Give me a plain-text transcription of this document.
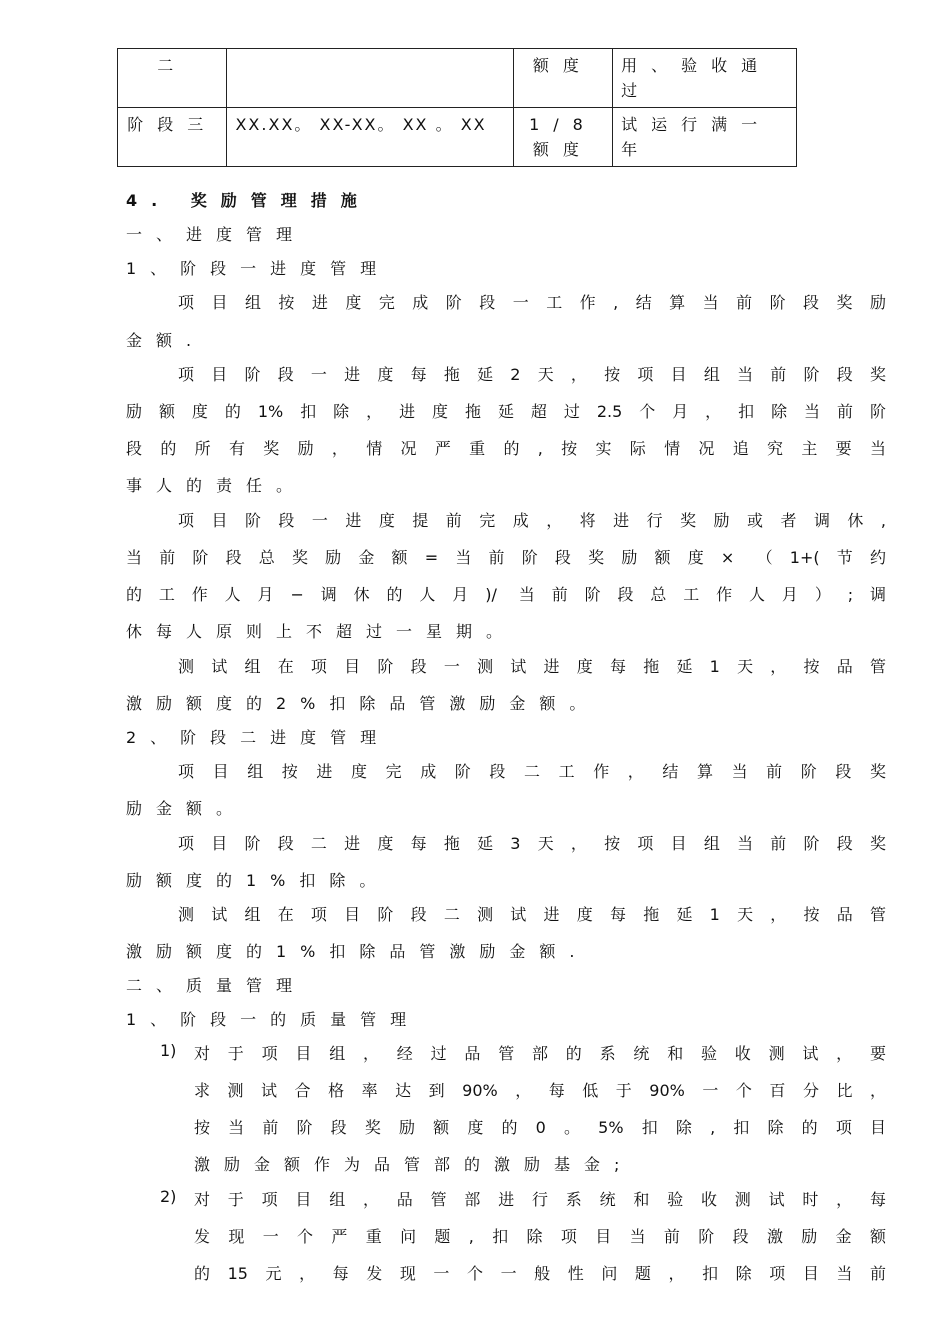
二		额度	用、验收通过
阶段三	XX.XX。 XX-XX。 XX 。 XX	1/8额度	试运行满一年
4. 奖励管理措施
一、进度管理
1、阶段一进度管理
项目组按进度完成阶段一工作,结算当前阶段奖励
金额.
项目阶段一进度每拖延2天，按项目组当前阶段奖
励额度的1%扣除，进度拖延超过2.5个月，扣除当前阶
段的所有奖励，情况严重的,按实际情况追究主要当
事人的责任。
项目阶段一进度提前完成，将进行奖励或者调休,
当前阶段总奖励金额=当前阶段奖励额度× （1+(节约
的工作人月−调休的人月)/ 当前阶段总工作人月）;调
休每人原则上不超过一星期。
测试组在项目阶段一测试进度每拖延1天，按品管
激励额度的2%扣除品管激励金额。
2、阶段二进度管理
项目组按进度完成阶段二工作，结算当前阶段奖
励金额。
项目阶段二进度每拖延3天，按项目组当前阶段奖
励额度的1%扣除。
测试组在项目阶段二测试进度每拖延1天，按品管
激励额度的1%扣除品管激励金额.
二、质量管理
1、阶段一的质量管理
1) 对于项目组，经过品管部的系统和验收测试，要
求测试合格率达到90%，每低于90%一个百分比，
按当前阶段奖励额度的0。5%扣除,扣除的项目
激励金额作为品管部的激励基金;
2) 对于项目组，品管部进行系统和验收测试时，每
发现一个严重问题,扣除项目当前阶段激励金额
的15元，每发现一个一般性问题，扣除项目当前
